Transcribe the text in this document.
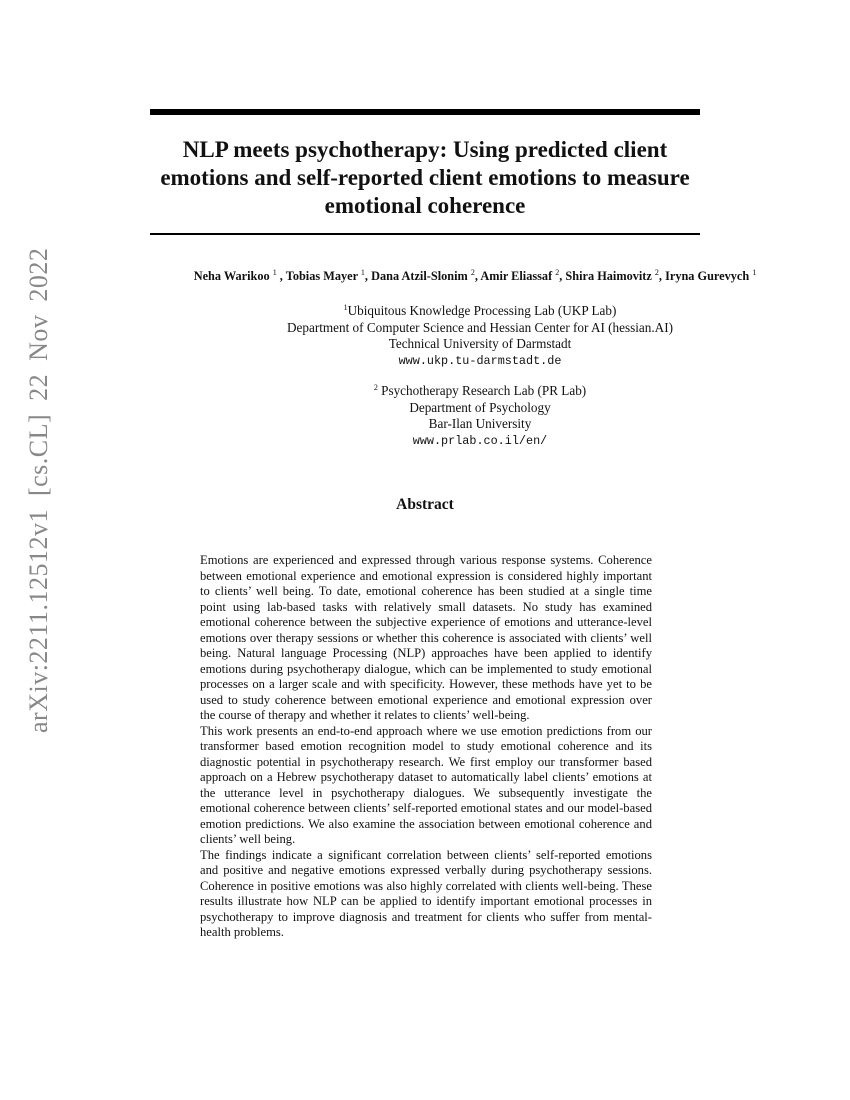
arXiv:2211.12512v1 [cs.CL] 22 Nov 2022
NLP meets psychotherapy: Using predicted client emotions and self-reported client emotions to measure emotional coherence
Neha Warikoo $^1$ , Tobias Mayer $^1$, Dana Atzil-Slonim $^2$, Amir Eliassaf $^2$, Shira Haimovitz $^2$, Iryna Gurevych $^1$
$^1$Ubiquitous Knowledge Processing Lab (UKP Lab)
Department of Computer Science and Hessian Center for AI (hessian.AI)
Technical University of Darmstadt
www.ukp.tu-darmstadt.de
$^2$ Psychotherapy Research Lab (PR Lab)
Department of Psychology
Bar-Ilan University
www.prlab.co.il/en/
Abstract

Emotions are experienced and expressed through various response systems. Coherence between emotional experience and emotional expression is considered highly important to clients’ well being. To date, emotional coherence has been studied at a single time point using lab-based tasks with relatively small datasets. No study has examined emotional coherence between the subjective experience of emotions and utterance-level emotions over therapy sessions or whether this coherence is associated with clients’ well being. Natural language Processing (NLP) approaches have been applied to identify emotions during psychotherapy dialogue, which can be implemented to study emotional processes on a larger scale and with specificity. However, these methods have yet to be used to study coherence between emotional experience and emotional expression over the course of therapy and whether it relates to clients’ well-being.

This work presents an end-to-end approach where we use emotion predictions from our transformer based emotion recognition model to study emotional coherence and its diagnostic potential in psychotherapy research. We first employ our transformer based approach on a Hebrew psychotherapy dataset to automatically label clients’ emotions at the utterance level in psychotherapy dialogues. We subsequently investigate the emotional coherence between clients’ self-reported emotional states and our model-based emotion predictions. We also examine the association between emotional coherence and clients’ well being.

The findings indicate a significant correlation between clients’ self-reported emotions and positive and negative emotions expressed verbally during psychotherapy sessions. Coherence in positive emotions was also highly correlated with clients well-being. These results illustrate how NLP can be applied to identify important emotional processes in psychotherapy to improve diagnosis and treatment for clients who suffer from mental-health problems.
